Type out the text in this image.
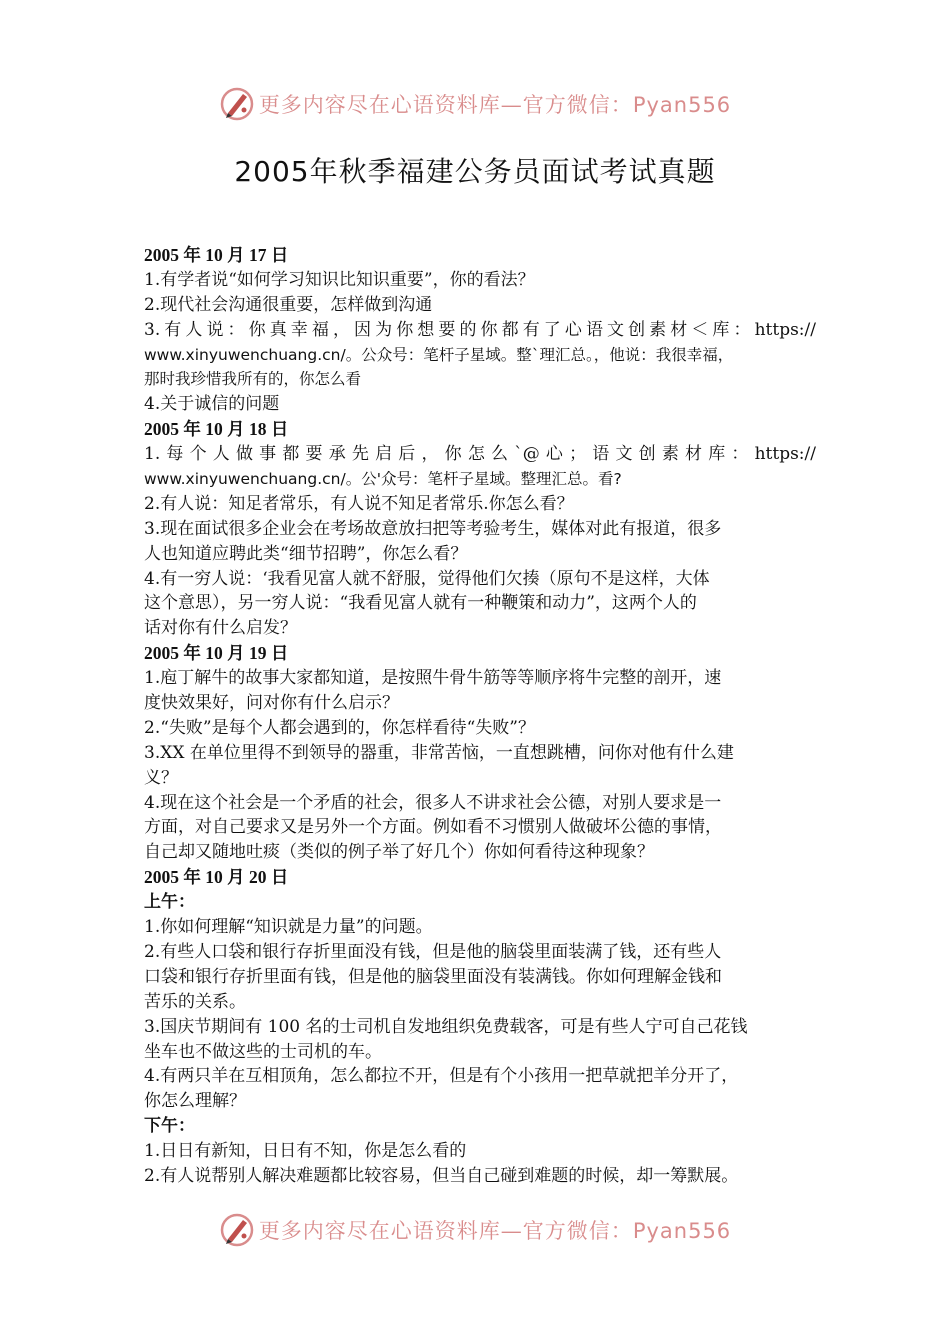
更多内容尽在心语资料库—官方微信：Pyan556
2005年秋季福建公务员面试考试真题
2005 年 10 月 17 日
1.有学者说“如何学习知识比知识重要”，你的看法？
2.现代社会沟通很重要，怎样做到沟通
3.有人说：你真幸福，因为你想要的你都有了心语文创素材＜库：https://
www.xinyuwenchuang.cn/。公众号：笔杆子星域。整`理汇总。，他说：我很幸福，
那时我珍惜我所有的，你怎么看
4.关于诚信的问题
2005 年 10 月 18 日
1.每个人做事都要承先启后，你怎么`@心；语文创素材库：https://
www.xinyuwenchuang.cn/。公'众号：笔杆子星域。整理汇总。看?
2.有人说：知足者常乐，有人说不知足者常乐.你怎么看？
3.现在面试很多企业会在考场故意放扫把等考验考生，媒体对此有报道，很多
人也知道应聘此类“细节招聘”，你怎么看？
4.有一穷人说：‘我看见富人就不舒服，觉得他们欠揍（原句不是这样，大体
这个意思），另一穷人说：“我看见富人就有一种鞭策和动力”，这两个人的
话对你有什么启发？
2005 年 10 月 19 日
1.庖丁解牛的故事大家都知道，是按照牛骨牛筋等等顺序将牛完整的剖开，速
度快效果好，问对你有什么启示？
2.“失败”是每个人都会遇到的，你怎样看待“失败”？
3.XX 在单位里得不到领导的器重，非常苦恼，一直想跳槽，问你对他有什么建
义？
4.现在这个社会是一个矛盾的社会，很多人不讲求社会公德，对别人要求是一
方面，对自己要求又是另外一个方面。例如看不习惯别人做破坏公德的事情，
自己却又随地吐痰（类似的例子举了好几个）你如何看待这种现象？
2005 年 10 月 20 日
上午：
1.你如何理解“知识就是力量”的问题。
2.有些人口袋和银行存折里面没有钱，但是他的脑袋里面装满了钱，还有些人
口袋和银行存折里面有钱，但是他的脑袋里面没有装满钱。你如何理解金钱和
苦乐的关系。
3.国庆节期间有 100 名的士司机自发地组织免费载客，可是有些人宁可自己花钱
坐车也不做这些的士司机的车。
4.有两只羊在互相顶角，怎么都拉不开，但是有个小孩用一把草就把羊分开了，
你怎么理解？
下午：
1.日日有新知，日日有不知，你是怎么看的
2.有人说帮别人解决难题都比较容易，但当自己碰到难题的时候，却一筹默展。
更多内容尽在心语资料库—官方微信：Pyan556
